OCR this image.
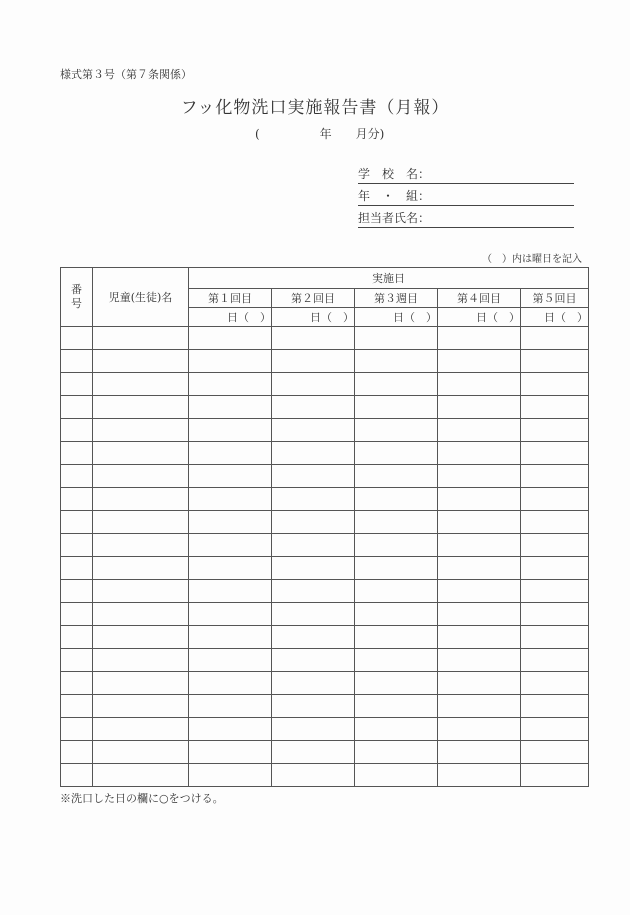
様式第３号（第７条関係）
フッ化物洗口実施報告書（月報）
(　　　　　年　　月分)
学　校　名：
年　・　組：
担当者氏名：
（　）内は曜日を記入
番
号	児童(生徒)名	実施日				
		第１回目	第２回目	第３週目	第４回目	第５回目
		日（　）	日（　）	日（　）	日（　）	日（　）

※洗口した日の欄に○をつける。
